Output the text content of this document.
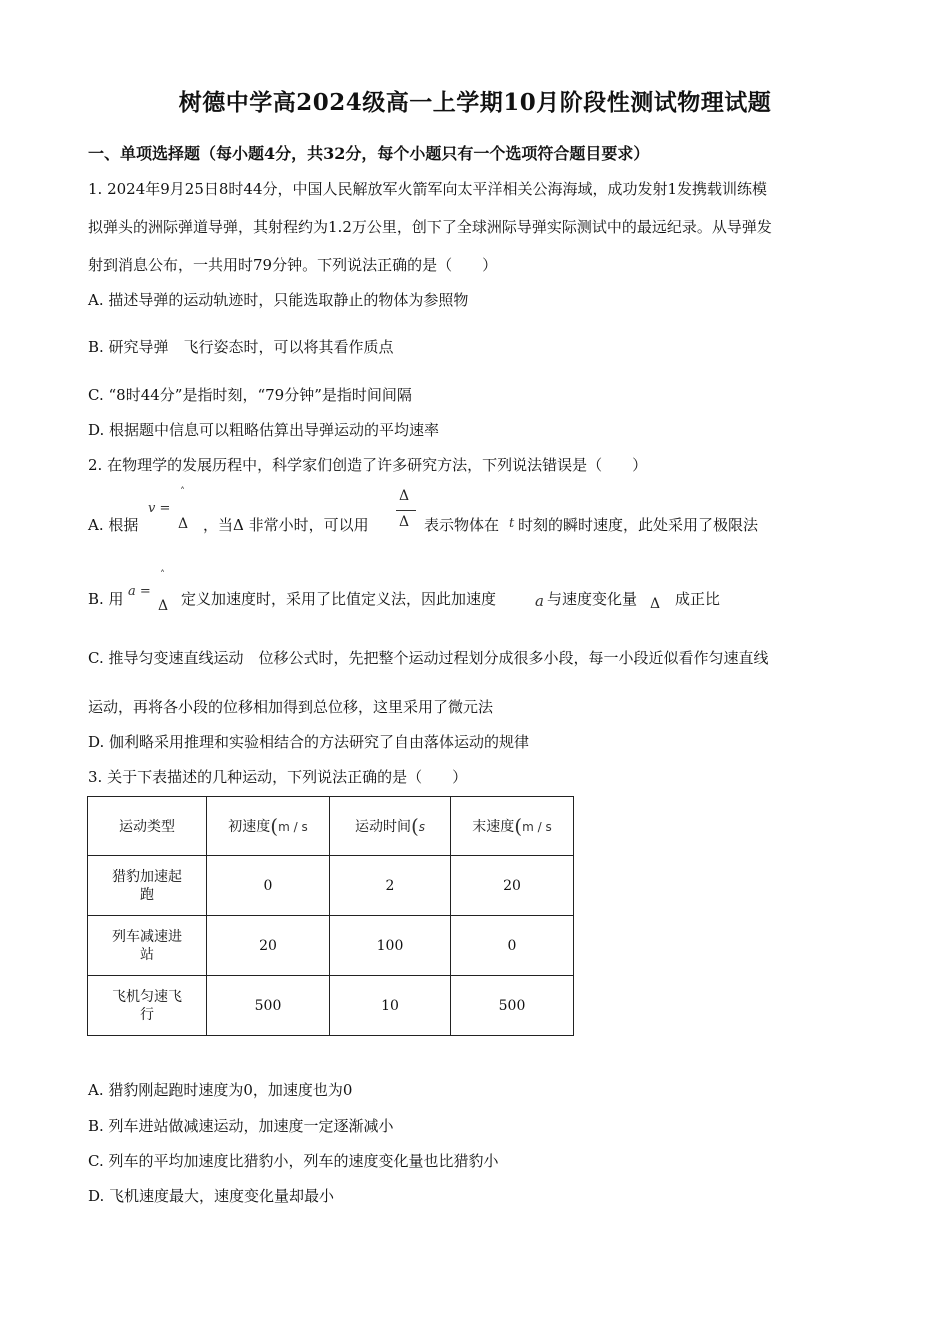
树德中学高2024级高一上学期10月阶段性测试物理试题
一、单项选择题（每小题4分，共32分，每个小题只有一个选项符合题目要求）
1. 2024年9月25日8时44分，中国人民解放军火箭军向太平洋相关公海海域，成功发射1发携载训练模
拟弹头的洲际弹道导弹，其射程约为1.2万公里，创下了全球洲际导弹实际测试中的最远纪录。从导弹发
射到消息公布，一共用时79分钟。下列说法正确的是（　　）
A. 描述导弹的运动轨迹时，只能选取静止的物体为参照物
B. 研究导弹　飞行姿态时，可以将其看作质点
C. “8时44分”是指时刻，“79分钟”是指时间间隔
D. 根据题中信息可以粗略估算出导弹运动的平均速率
2. 在物理学的发展历程中，科学家们创造了许多研究方法，下列说法错误是（　　）
A. 根据
v =
˄
Δ ，当Δ 非常小时，可以用
Δ
Δ 表示物体在 t 时刻的瞬时速度，此处采用了极限法
B. 用 a =
˄
Δ 定义加速度时，采用了比值定义法，因此加速度	a 与速度变化量 Δ 成正比
C. 推导匀变速直线运动　位移公式时，先把整个运动过程划分成很多小段，每一小段近似看作匀速直线
运动，再将各小段的位移相加得到总位移，这里采用了微元法
D. 伽利略采用推理和实验相结合的方法研究了自由落体运动的规律
3. 关于下表描述的几种运动，下列说法正确的是（　　）
运动类型	初速度(m / s	运动时间(s	末速度(m / s
猎豹加速起跑	0	2	20
列车减速进站	20	100	0
飞机匀速飞行	500	10	500
A. 猎豹刚起跑时速度为0，加速度也为0
B. 列车进站做减速运动，加速度一定逐渐减小
C. 列车的平均加速度比猎豹小，列车的速度变化量也比猎豹小
D. 飞机速度最大，速度变化量却最小
